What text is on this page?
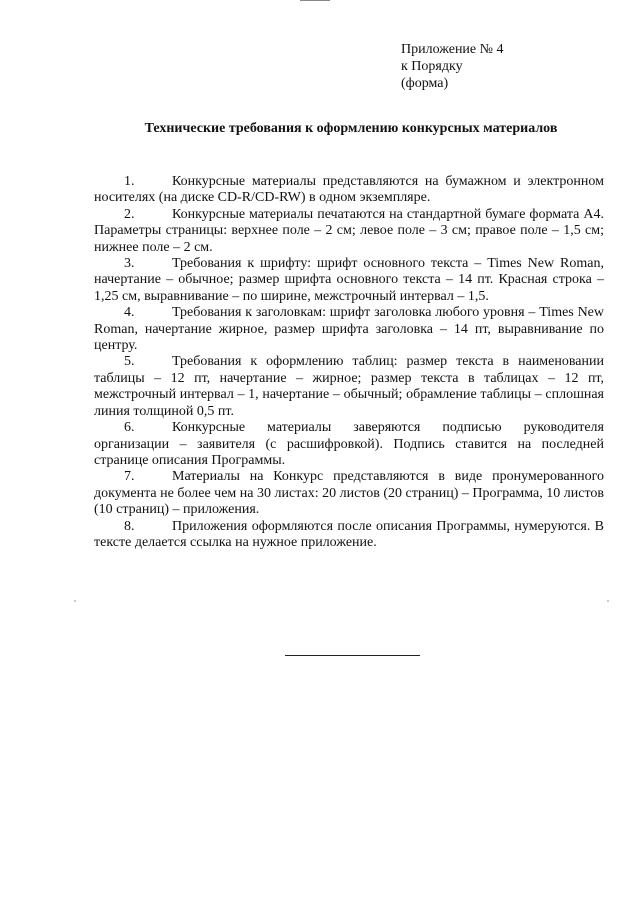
Приложение № 4
к Порядку
(форма)
Технические требования к оформлению конкурсных материалов

1.	Конкурсные материалы представляются на бумажном и электронном носителях (на диске CD-R/CD-RW) в одном экземпляре.

2.	Конкурсные материалы печатаются на стандартной бумаге формата А4. Параметры страницы: верхнее поле – 2 см; левое поле – 3 см; правое поле – 1,5 см; нижнее поле – 2 см.

3.	Требования к шрифту: шрифт основного текста – Times New Roman, начертание – обычное; размер шрифта основного текста – 14 пт. Красная строка – 1,25 см, выравнивание – по ширине, межстрочный интервал – 1,5.

4.	Требования к заголовкам: шрифт заголовка любого уровня – Times New Roman, начертание жирное, размер шрифта заголовка – 14 пт, выравнивание по центру.

5.	Требования к оформлению таблиц: размер текста в наименовании таблицы – 12 пт, начертание – жирное; размер текста в таблицах – 12 пт, межстрочный интервал – 1, начертание – обычный; обрамление таблицы – сплошная линия толщиной 0,5 пт.

6.	Конкурсные материалы заверяются подписью руководителя организации – заявителя (с расшифровкой). Подпись ставится на последней странице описания Программы.

7.	Материалы на Конкурс представляются в виде пронумерованного документа не более чем на 30 листах: 20 листов (20 страниц) – Программа, 10 листов (10 страниц) – приложения.

8.	Приложения оформляются после описания Программы, нумеруются. В тексте делается ссылка на нужное приложение.
